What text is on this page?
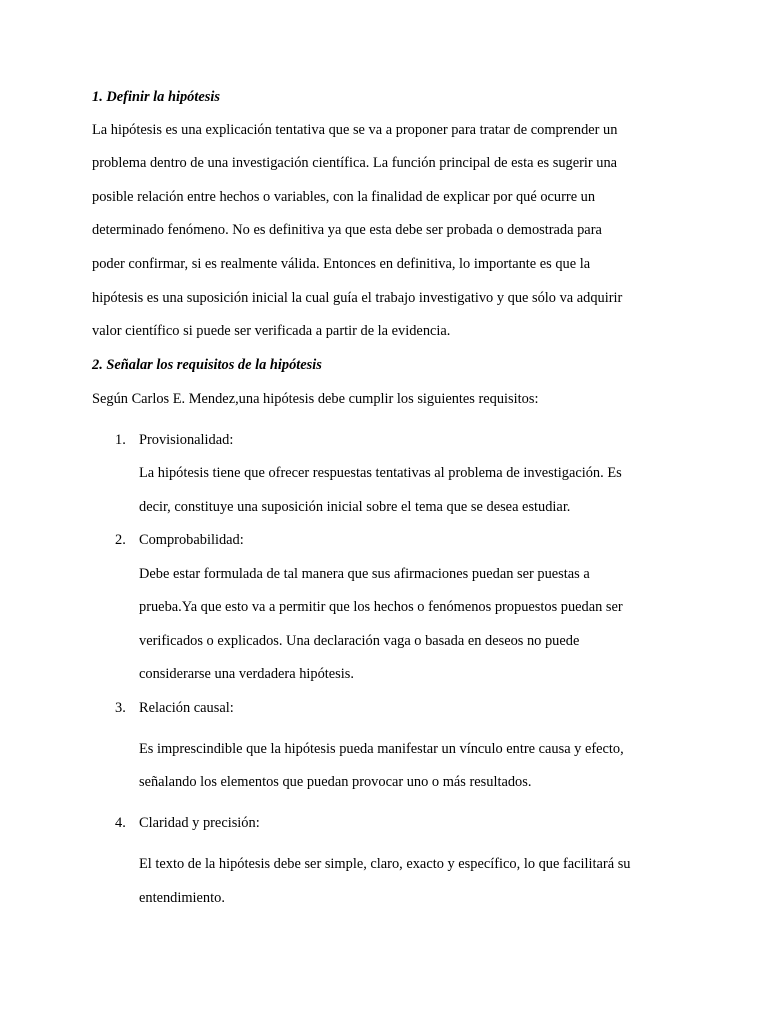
1. Definir la hipótesis
La hipótesis es una explicación tentativa que se va a proponer para tratar de comprender un
problema dentro de una investigación científica. La función principal de esta es sugerir una
posible relación entre hechos o variables, con la finalidad de explicar por qué ocurre un
determinado fenómeno. No es definitiva ya que esta debe ser probada o demostrada para
poder confirmar, si es realmente válida. Entonces en definitiva, lo importante es que la
hipótesis es una suposición inicial la cual guía el trabajo investigativo y que sólo va adquirir
valor científico si puede ser verificada a partir de la evidencia.
2. Señalar los requisitos de la hipótesis
Según Carlos E. Mendez,una hipótesis debe cumplir los siguientes requisitos:
1. Provisionalidad:
La hipótesis tiene que ofrecer respuestas tentativas al problema de investigación. Es
decir, constituye una suposición inicial sobre el tema que se desea estudiar.
2. Comprobabilidad:
Debe estar formulada de tal manera que sus afirmaciones puedan ser puestas a
prueba.Ya que esto va a permitir que los hechos o fenómenos propuestos puedan ser
verificados o explicados. Una declaración vaga o basada en deseos no puede
considerarse una verdadera hipótesis.
3. Relación causal:
Es imprescindible que la hipótesis pueda manifestar un vínculo entre causa y efecto,
señalando los elementos que puedan provocar uno o más resultados.
4. Claridad y precisión:
El texto de la hipótesis debe ser simple, claro, exacto y específico, lo que facilitará su
entendimiento.
